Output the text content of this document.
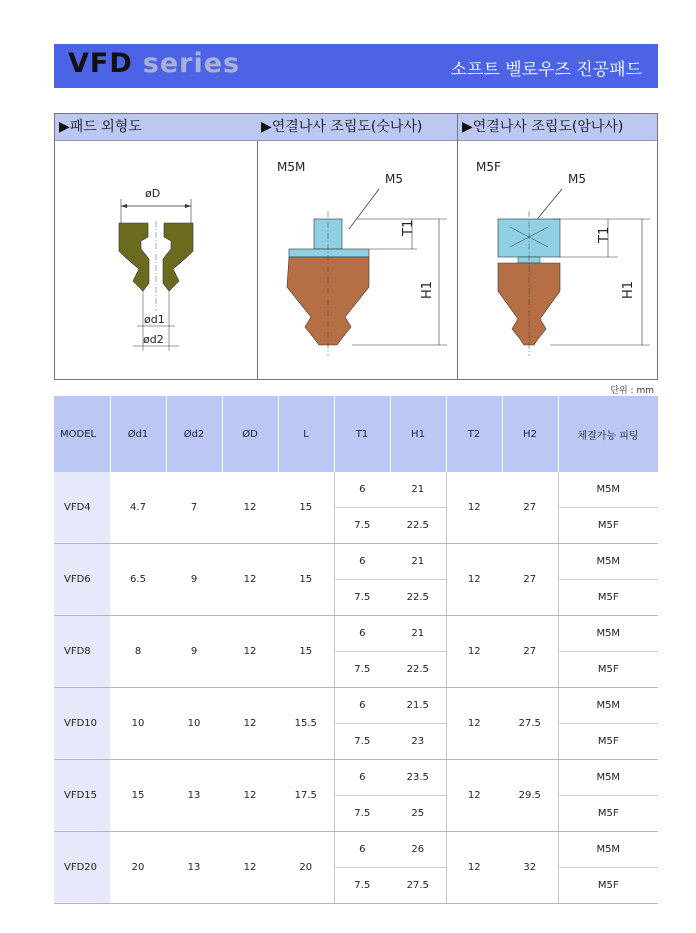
VFD series	소프트 벨로우즈 진공패드
▶패드 외형도
øD
ød1
ød2
▶연결나사 조립도(숫나사)
M5M
M5
T1
H1
▶연결나사 조립도(암나사)
M5F
M5
T1
H1
단위 : mm
MODEL	Ød1	Ød2	ØD	L	T1	H1	T2	H2	체결가능 피팅
VFD4	4.7	7	12	15	6	21	12	27	M5M
					7.5	22.5			M5F
VFD6	6.5	9	12	15	6	21	12	27	M5M
					7.5	22.5			M5F
VFD8	8	9	12	15	6	21	12	27	M5M
					7.5	22.5			M5F
VFD10	10	10	12	15.5	6	21.5	12	27.5	M5M
					7.5	23			M5F
VFD15	15	13	12	17.5	6	23.5	12	29.5	M5M
					7.5	25			M5F
VFD20	20	13	12	20	6	26	12	32	M5M
					7.5	27.5			M5F
